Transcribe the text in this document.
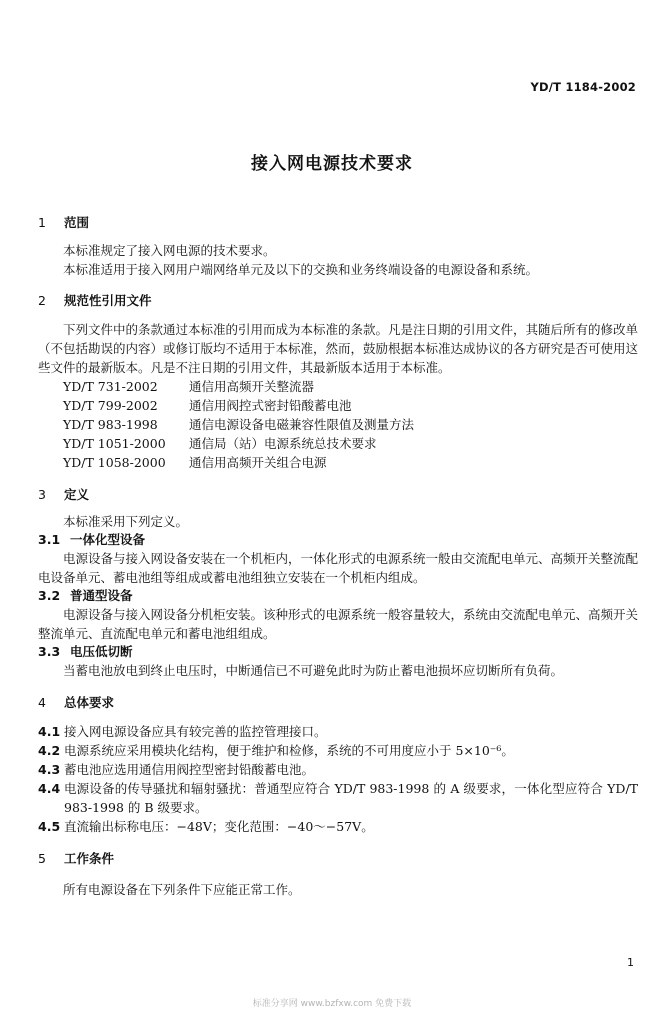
YD/T 1184-2002
接入网电源技术要求
1	范围
本标准规定了接入网电源的技术要求。
本标准适用于接入网用户端网络单元及以下的交换和业务终端设备的电源设备和系统。
2	规范性引用文件
下列文件中的条款通过本标准的引用而成为本标准的条款。凡是注日期的引用文件，其随后所有的修改单（不包括勘误的内容）或修订版均不适用于本标准，然而，鼓励根据本标准达成协议的各方研究是否可使用这些文件的最新版本。凡是不注日期的引用文件，其最新版本适用于本标准。
YD/T 731-2002	通信用高频开关整流器
YD/T 799-2002	通信用阀控式密封铅酸蓄电池
YD/T 983-1998	通信电源设备电磁兼容性限值及测量方法
YD/T 1051-2000	通信局（站）电源系统总技术要求
YD/T 1058-2000	通信用高频开关组合电源
3	定义
本标准采用下列定义。
3.1 一体化型设备
电源设备与接入网设备安装在一个机柜内，一体化形式的电源系统一般由交流配电单元、高频开关整流配电设备单元、蓄电池组等组成或蓄电池组独立安装在一个机柜内组成。
3.2 普通型设备
电源设备与接入网设备分机柜安装。该种形式的电源系统一般容量较大，系统由交流配电单元、高频开关整流单元、直流配电单元和蓄电池组组成。
3.3 电压低切断
当蓄电池放电到终止电压时，中断通信已不可避免此时为防止蓄电池损坏应切断所有负荷。
4	总体要求
4.1 接入网电源设备应具有较完善的监控管理接口。
4.2 电源系统应采用模块化结构，便于维护和检修，系统的不可用度应小于 5×10⁻⁶。
4.3 蓄电池应选用通信用阀控型密封铅酸蓄电池。
4.4 电源设备的传导骚扰和辐射骚扰：普通型应符合 YD/T 983-1998 的 A 级要求，一体化型应符合 YD/T 983-1998 的 B 级要求。
4.5 直流输出标称电压：−48V；变化范围：−40～−57V。
5	工作条件
所有电源设备在下列条件下应能正常工作。
1
标准分享网 www.bzfxw.com 免费下载
